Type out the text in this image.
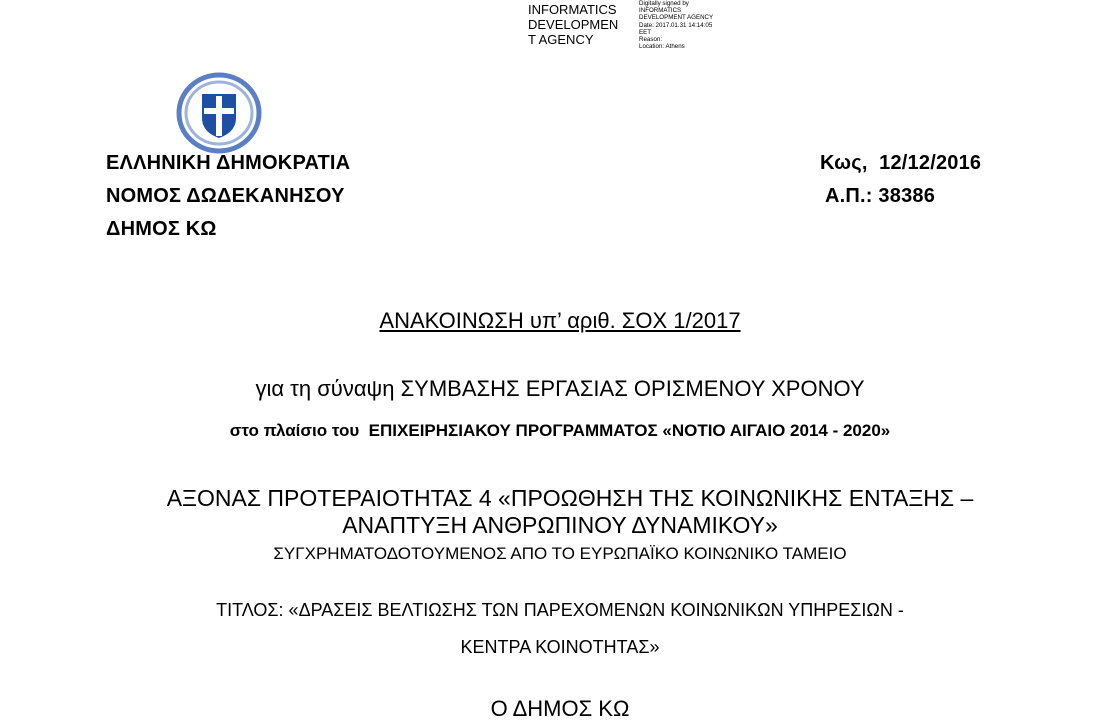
INFORMATICS
DEVELOPMEN
T AGENCY
Digitally signed by
INFORMATICS
DEVELOPMENT AGENCY
Date: 2017.01.31 14:14:05
EET
Reason:
Location: Athens
ΕΛΛΗΝΙΚΗ ΔΗΜΟΚΡΑΤΙΑ
ΝΟΜΟΣ ΔΩΔΕΚΑΝΗΣΟΥ
ΔΗΜΟΣ ΚΩ
Κως,  12/12/2016
Α.Π.: 38386
ΑΝΑΚΟΙΝΩΣΗ υπ’ αριθ. ΣΟΧ 1/2017
για τη σύναψη ΣΥΜΒΑΣΗΣ ΕΡΓΑΣΙΑΣ ΟΡΙΣΜΕΝΟΥ ΧΡΟΝΟΥ
στο πλαίσιο του  ΕΠΙΧΕΙΡΗΣΙΑΚΟΥ ΠΡΟΓΡΑΜΜΑΤΟΣ «ΝΟΤΙΟ ΑΙΓΑΙΟ 2014 - 2020»
ΑΞΟΝΑΣ ΠΡΟΤΕΡΑΙΟΤΗΤΑΣ 4 «ΠΡΟΩΘΗΣΗ ΤΗΣ ΚΟΙΝΩΝΙΚΗΣ ΕΝΤΑΞΗΣ –
ΑΝΑΠΤΥΞΗ ΑΝΘΡΩΠΙΝΟΥ ΔΥΝΑΜΙΚΟΥ»
ΣΥΓΧΡΗΜΑΤΟΔΟΤΟΥΜΕΝΟΣ ΑΠΟ ΤΟ ΕΥΡΩΠΑΪΚΟ ΚΟΙΝΩΝΙΚΟ ΤΑΜΕΙΟ
ΤΙΤΛΟΣ: «ΔΡΑΣΕΙΣ ΒΕΛΤΙΩΣΗΣ ΤΩΝ ΠΑΡΕΧΟΜΕΝΩΝ ΚΟΙΝΩΝΙΚΩΝ ΥΠΗΡΕΣΙΩΝ -
ΚΕΝΤΡΑ ΚΟΙΝΟΤΗΤΑΣ»
Ο ΔΗΜΟΣ ΚΩ
